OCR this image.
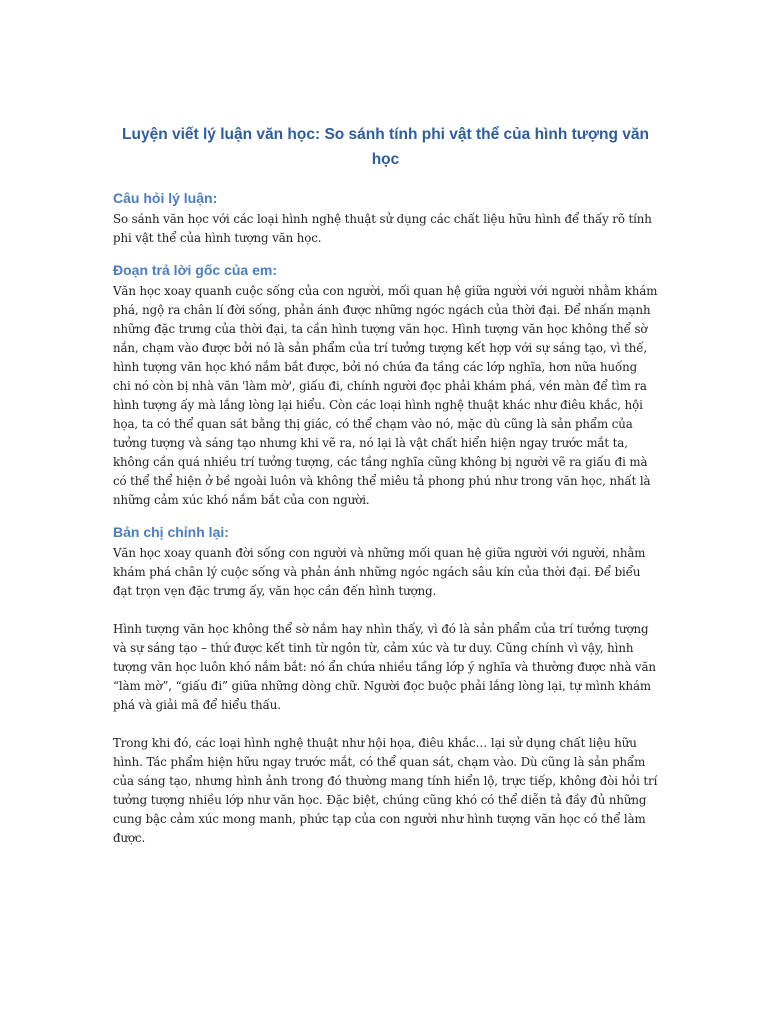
Luyện viết lý luận văn học: So sánh tính phi vật thể của hình tượng văn học
Câu hỏi lý luận:

So sánh văn học với các loại hình nghệ thuật sử dụng các chất liệu hữu hình để thấy rõ tính phi vật thể của hình tượng văn học.

Đoạn trả lời gốc của em:

Văn học xoay quanh cuộc sống của con người, mối quan hệ giữa người với người nhằm khám phá, ngộ ra chân lí đời sống, phản ánh được những ngóc ngách của thời đại. Để nhấn mạnh những đặc trưng của thời đại, ta cần hình tượng văn học. Hình tượng văn học không thể sờ nắn, chạm vào được bởi nó là sản phẩm của trí tưởng tượng kết hợp với sự sáng tạo, vì thế, hình tượng văn học khó nắm bắt được, bởi nó chứa đa tầng các lớp nghĩa, hơn nữa huống chi nó còn bị nhà văn 'làm mờ', giấu đi, chính người đọc phải khám phá, vén màn để tìm ra hình tượng ấy mà lắng lòng lại hiểu. Còn các loại hình nghệ thuật khác như điêu khắc, hội họa, ta có thể quan sát bằng thị giác, có thể chạm vào nó, mặc dù cũng là sản phẩm của tưởng tượng và sáng tạo nhưng khi vẽ ra, nó lại là vật chất hiển hiện ngay trước mắt ta, không cần quá nhiều trí tưởng tượng, các tầng nghĩa cũng không bị người vẽ ra giấu đi mà có thể thể hiện ở bề ngoài luôn và không thể miêu tả phong phú như trong văn học, nhất là những cảm xúc khó nắm bắt của con người.

Bản chị chỉnh lại:

Văn học xoay quanh đời sống con người và những mối quan hệ giữa người với người, nhằm khám phá chân lý cuộc sống và phản ánh những ngóc ngách sâu kín của thời đại. Để biểu đạt trọn vẹn đặc trưng ấy, văn học cần đến hình tượng.

Hình tượng văn học không thể sờ nắm hay nhìn thấy, vì đó là sản phẩm của trí tưởng tượng và sự sáng tạo – thứ được kết tinh từ ngôn từ, cảm xúc và tư duy. Cũng chính vì vậy, hình tượng văn học luôn khó nắm bắt: nó ẩn chứa nhiều tầng lớp ý nghĩa và thường được nhà văn “làm mờ”, “giấu đi” giữa những dòng chữ. Người đọc buộc phải lắng lòng lại, tự mình khám phá và giải mã để hiểu thấu.

Trong khi đó, các loại hình nghệ thuật như hội họa, điêu khắc… lại sử dụng chất liệu hữu hình. Tác phẩm hiện hữu ngay trước mắt, có thể quan sát, chạm vào. Dù cũng là sản phẩm của sáng tạo, nhưng hình ảnh trong đó thường mang tính hiển lộ, trực tiếp, không đòi hỏi trí tưởng tượng nhiều lớp như văn học. Đặc biệt, chúng cũng khó có thể diễn tả đầy đủ những cung bậc cảm xúc mong manh, phức tạp của con người như hình tượng văn học có thể làm được.
